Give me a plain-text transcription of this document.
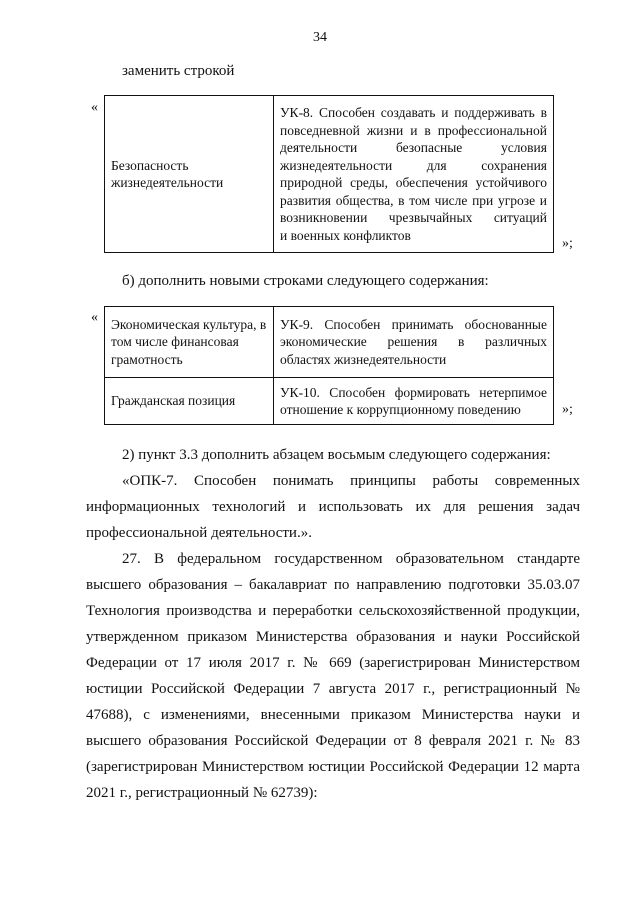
34
заменить строкой
«
Безопасность жизнедеятельности	УК-8. Способен создавать и поддерживать в повседневной жизни и в профессиональной деятельности безопасные условия жизнедеятельности для сохранения природной среды, обеспечения устойчивого развития общества, в том числе при угрозе и возникновении чрезвычайных ситуаций
и военных конфликтов
»;
б) дополнить новыми строками следующего содержания:
« Экономическая культура, в том числе финансовая грамотность	УК-9. Способен принимать обоснованные экономические решения в различных областях жизнедеятельности
Гражданская позиция	УК-10. Способен формировать нетерпимое отношение к коррупционному поведению	»;
2) пункт 3.3 дополнить абзацем восьмым следующего содержания:
«ОПК-7. Способен понимать принципы работы современных информационных технологий и использовать их для решения задач профессиональной деятельности.».
27. В федеральном государственном образовательном стандарте высшего образования – бакалавриат по направлению подготовки 35.03.07 Технология производства и переработки сельскохозяйственной продукции, утвержденном приказом Министерства образования и науки Российской Федерации от 17 июля 2017 г. № 669 (зарегистрирован Министерством юстиции Российской Федерации 7 августа 2017 г., регистрационный № 47688), с изменениями, внесенными приказом Министерства науки и высшего образования Российской Федерации от 8 февраля 2021 г. № 83 (зарегистрирован Министерством юстиции Российской Федерации 12 марта 2021 г., регистрационный № 62739):
